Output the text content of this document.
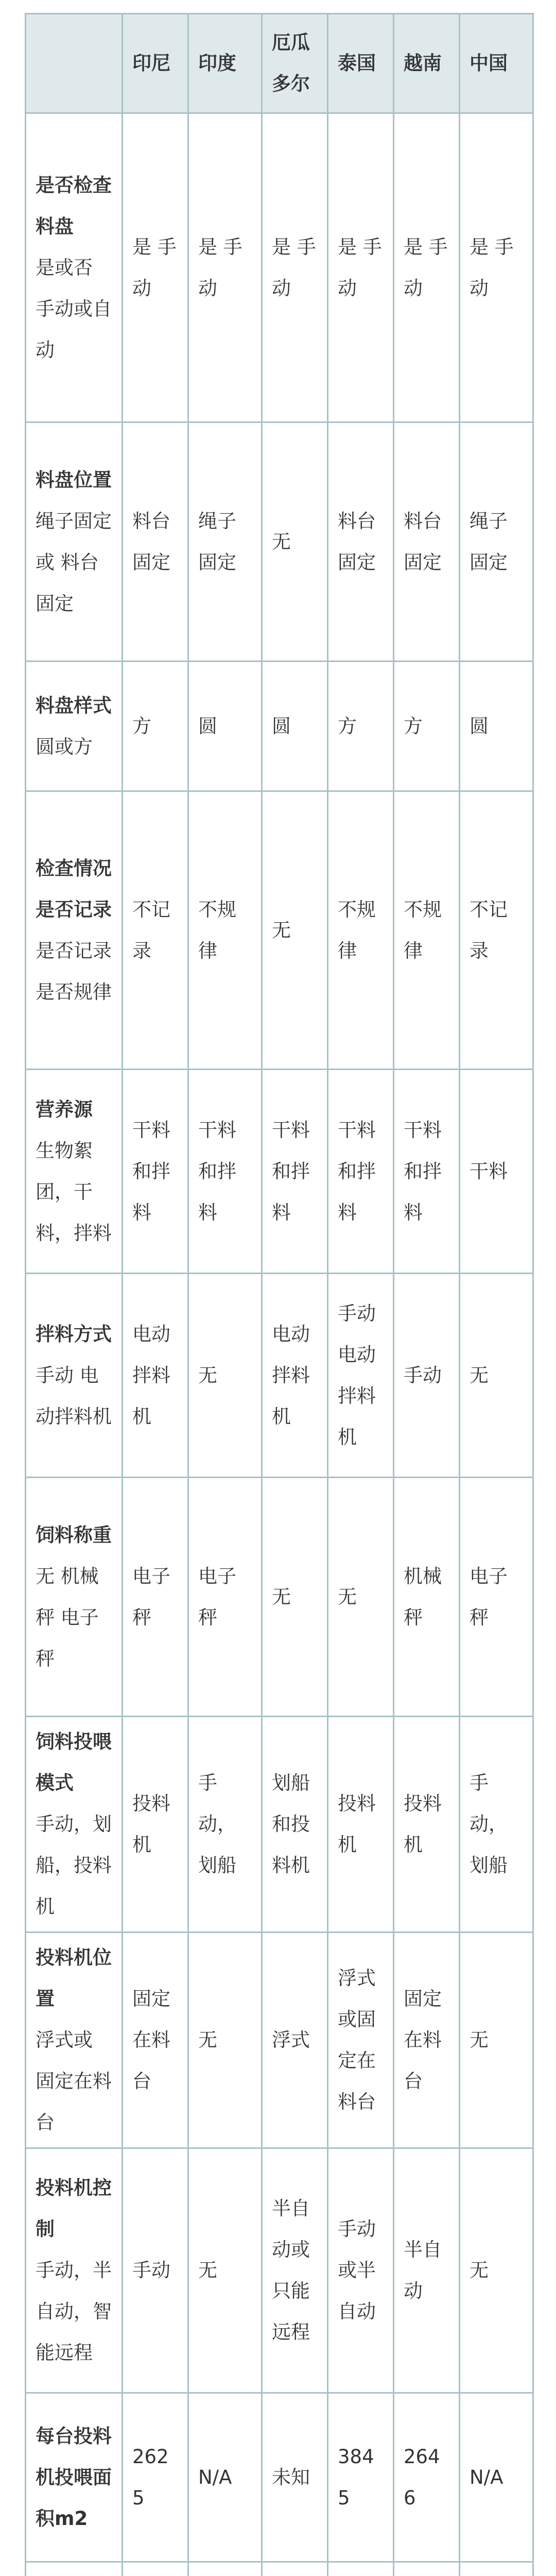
	印尼	印度	厄瓜多尔	泰国	越南	中国

是否检查料盘
是或否 手动或自动	是 手动	是 手动	是 手动	是 手动	是 手动	是 手动

料盘位置
绳子固定或 料台固定	料台固定	绳子固定	无	料台固定	料台固定	绳子固定

料盘样式
圆或方	方	圆	圆	方	方	圆

检查情况是否记录
是否记录 是否规律	不记录	不规律	无	不规律	不规律	不记录

营养源
生物絮团，干料，拌料	干料和拌料	干料和拌料	干料和拌料	干料和拌料	干料和拌料	干料

拌料方式
手动 电动拌料机	电动拌料机	无	电动拌料机	手动 电动拌料机	手动	无

饲料称重
无 机械秤 电子秤	电子秤	电子秤	无	无	机械秤	电子秤

饲料投喂模式
手动，划船，投料机	投料机	手动，划船	划船和投料机	投料机	投料机	手动，划船

投料机位置
浮式或 固定在料台	固定在料台	无	浮式	浮式或固定在料台	固定在料台	无

投料机控制
手动，半自动，智能远程	手动	无	半自动或只能远程	手动或半自动	半自动	无

每台投料机投喂面积m2	2625	N/A	未知	3845	2646	N/A
